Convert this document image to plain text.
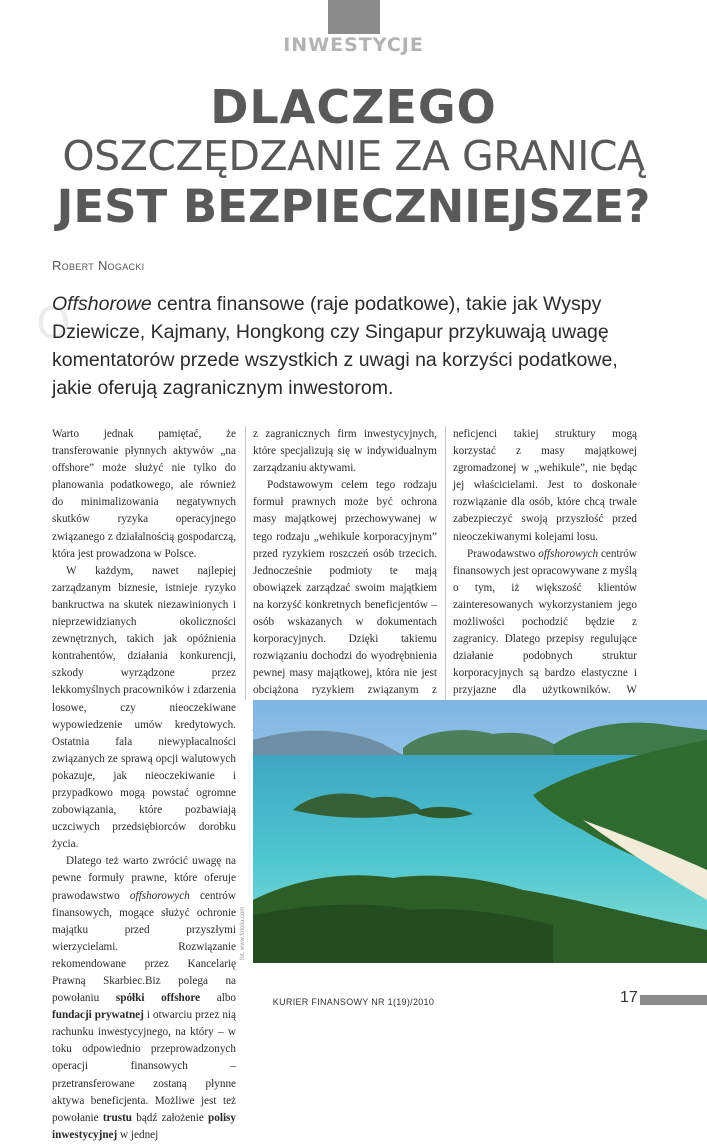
INWESTYCJE
DLACZEGO
OSZCZĘDZANIE ZA GRANICĄ
JEST BEZPIECZNIEJSZE?
Robert Nogacki
O
Offshorowe centra finansowe (raje podatkowe), takie jak Wyspy Dziewicze, Kajmany, Hongkong czy Singapur przykuwają uwagę komentatorów przede wszystkich z uwagi na korzyści podatkowe, jakie oferują zagranicznym inwestorom.

Warto jednak pamiętać, że transferowanie płynnych aktywów „na offshore” może służyć nie tylko do planowania podatkowego, ale również do minimalizowania negatywnych skutków ryzyka operacyjnego związanego z działalnością gospodarczą, która jest prowadzona w Polsce.

W każdym, nawet najlepiej zarządzanym biznesie, istnieje ryzyko bankructwa na skutek niezawinionych i nieprzewidzianych okoliczności zewnętrznych, takich jak opóźnienia kontrahentów, działania konkurencji, szkody wyrządzone przez lekkomyślnych pracowników i zdarzenia losowe, czy nieoczekiwane wypowiedzenie umów kredytowych. Ostatnia fala niewypłacalności związanych ze sprawą opcji walutowych pokazuje, jak nieoczekiwanie i przypadkowo mogą powstać ogromne zobowiązania, które pozbawiają uczciwych przedsiębiorców dorobku życia.

Dlatego też warto zwrócić uwagę na pewne formuły prawne, które oferuje prawodawstwo offshorowych centrów finansowych, mogące służyć ochronie majątku przed przyszłymi wierzycielami. Rozwiązanie rekomendowane przez Kancelarię Prawną Skarbiec.Biz polega na powołaniu spółki offshore albo fundacji prywatnej i otwarciu przez nią rachunku inwestycyjnego, na który – w toku odpowiednio przeprowadzonych operacji finansowych – przetransferowane zostaną płynne aktywa beneficjenta. Możliwe jest też powołanie trustu bądź założenie polisy inwestycyjnej w jednej

z zagranicznych firm inwestycyjnych, które specjalizują się w indywidualnym zarządzaniu aktywami.

Podstawowym celem tego rodzaju formuł prawnych może być ochrona masy majątkowej przechowywanej w tego rodzaju „wehikule korporacyjnym” przed ryzykiem roszczeń osób trzecich. Jednocześnie podmioty te mają obowiązek zarządzać swoim majątkiem na korzyść konkretnych beneficjentów – osób wskazanych w dokumentach korporacyjnych. Dzięki takiemu rozwiązaniu dochodzi do wyodrębnienia pewnej masy majątkowej, która nie jest obciążona ryzykiem związanym z

neficjenci takiej struktury mogą korzystać z masy majątkowej zgromadzonej w „wehikule”, nie będąc jej właścicielami. Jest to doskonałe rozwiązanie dla osób, które chcą trwale zabezpieczyć swoją przyszłość przed nieoczekiwanymi kolejami losu.

Prawodawstwo offshorowych centrów finansowych jest opracowywane z myślą o tym, iż większość klientów zainteresowanych wykorzystaniem jego możliwości pochodzić będzie z zagranicy. Dlatego przepisy regulujące działanie podobnych struktur korporacyjnych są bardzo elastyczne i przyjazne dla użytkowników. W

fot. www.fotolia.com
KURIER FINANSOWY NR 1(19)/2010	17
